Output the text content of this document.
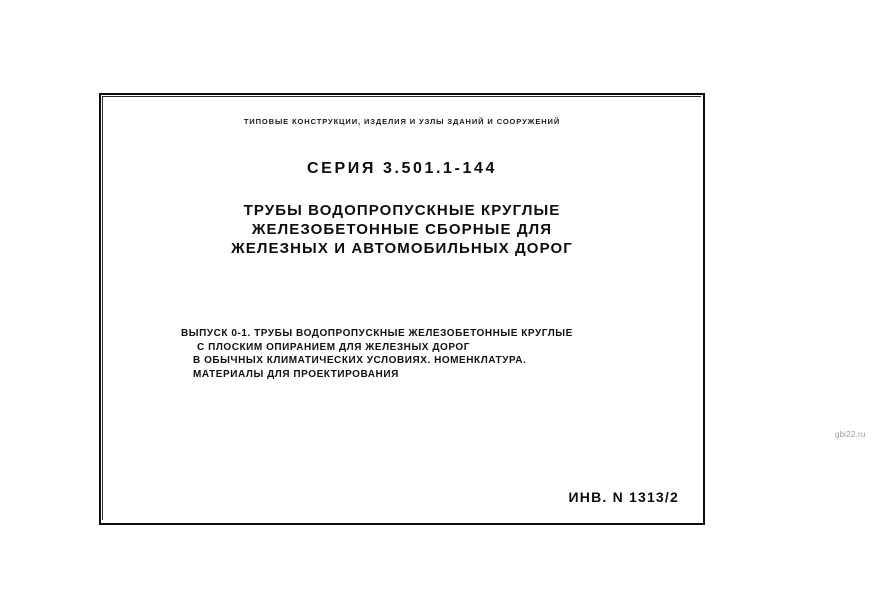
ТИПОВЫЕ КОНСТРУКЦИИ, ИЗДЕЛИЯ И УЗЛЫ ЗДАНИЙ И СООРУЖЕНИЙ
СЕРИЯ 3.501.1-144
ТРУБЫ ВОДОПРОПУСКНЫЕ КРУГЛЫЕ
ЖЕЛЕЗОБЕТОННЫЕ СБОРНЫЕ ДЛЯ
ЖЕЛЕЗНЫХ И АВТОМОБИЛЬНЫХ ДОРОГ
ВЫПУСК 0-1. ТРУБЫ ВОДОПРОПУСКНЫЕ ЖЕЛЕЗОБЕТОННЫЕ КРУГЛЫЕ
С ПЛОСКИМ ОПИРАНИЕМ ДЛЯ ЖЕЛЕЗНЫХ ДОРОГ
В ОБЫЧНЫХ КЛИМАТИЧЕСКИХ УСЛОВИЯХ. НОМЕНКЛАТУРА.
МАТЕРИАЛЫ ДЛЯ ПРОЕКТИРОВАНИЯ
ИНВ. N 1313/2
gbi22.ru
